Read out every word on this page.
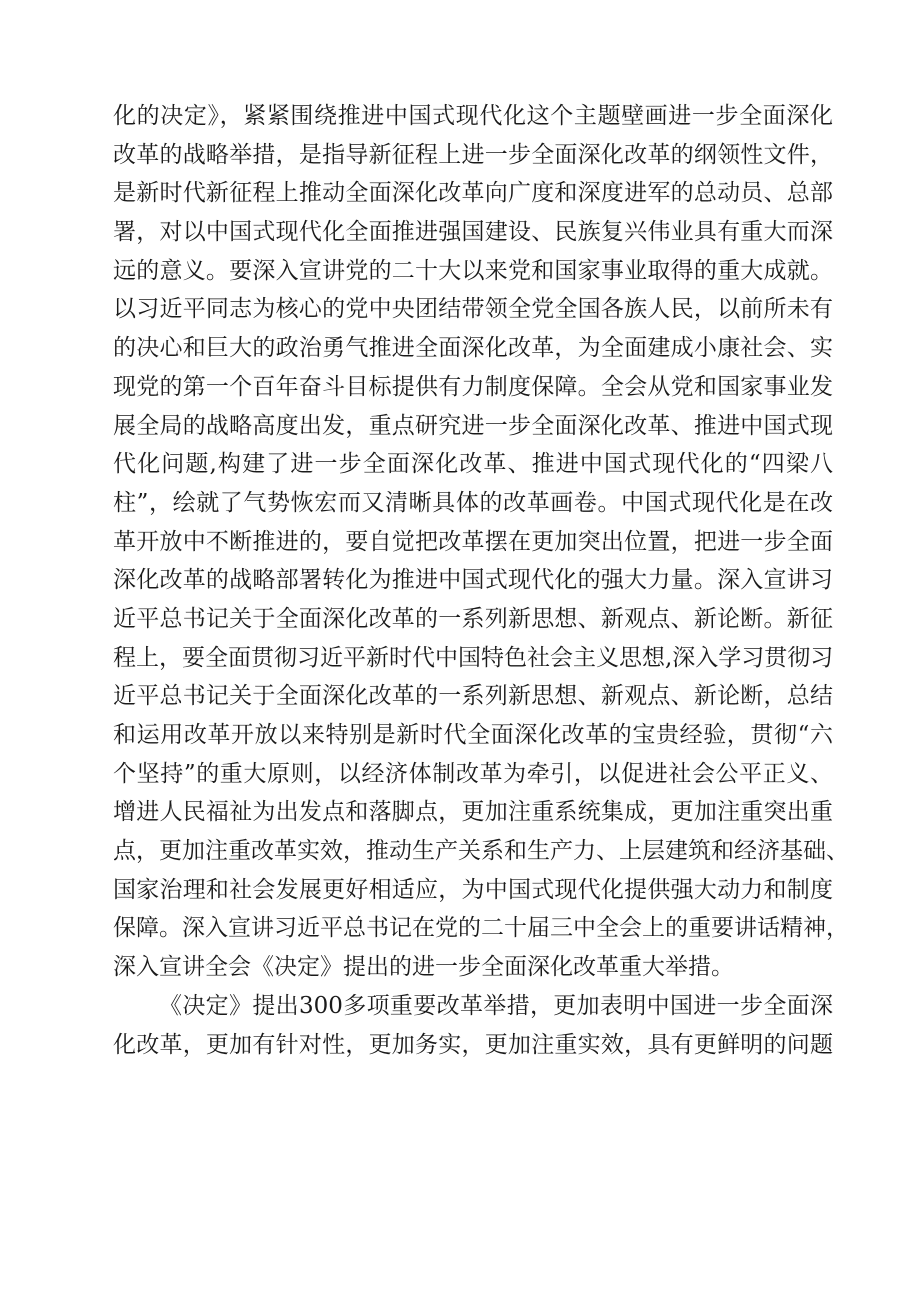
化的决定》，紧紧围绕推进中国式现代化这个主题壁画进一步全面深化
改革的战略举措，是指导新征程上进一步全面深化改革的纲领性文件，
是新时代新征程上推动全面深化改革向广度和深度进军的总动员、总部
署，对以中国式现代化全面推进强国建设、民族复兴伟业具有重大而深
远的意义。要深入宣讲党的二十大以来党和国家事业取得的重大成就。
以习近平同志为核心的党中央团结带领全党全国各族人民，以前所未有
的决心和巨大的政治勇气推进全面深化改革，为全面建成小康社会、实
现党的第一个百年奋斗目标提供有力制度保障。全会从党和国家事业发
展全局的战略高度出发，重点研究进一步全面深化改革、推进中国式现
代化问题,构建了进一步全面深化改革、推进中国式现代化的“四梁八
柱”，绘就了气势恢宏而又清晰具体的改革画卷。中国式现代化是在改
革开放中不断推进的，要自觉把改革摆在更加突出位置，把进一步全面
深化改革的战略部署转化为推进中国式现代化的强大力量。深入宣讲习
近平总书记关于全面深化改革的一系列新思想、新观点、新论断。新征
程上，要全面贯彻习近平新时代中国特色社会主义思想,深入学习贯彻习
近平总书记关于全面深化改革的一系列新思想、新观点、新论断，总结
和运用改革开放以来特别是新时代全面深化改革的宝贵经验，贯彻“六
个坚持”的重大原则，以经济体制改革为牵引，以促进社会公平正义、
增进人民福祉为出发点和落脚点，更加注重系统集成，更加注重突出重
点，更加注重改革实效，推动生产关系和生产力、上层建筑和经济基础、
国家治理和社会发展更好相适应，为中国式现代化提供强大动力和制度
保障。深入宣讲习近平总书记在党的二十届三中全会上的重要讲话精神，
深入宣讲全会《决定》提出的进一步全面深化改革重大举措。
《决定》提出300多项重要改革举措，更加表明中国进一步全面深
化改革，更加有针对性，更加务实，更加注重实效，具有更鲜明的问题
